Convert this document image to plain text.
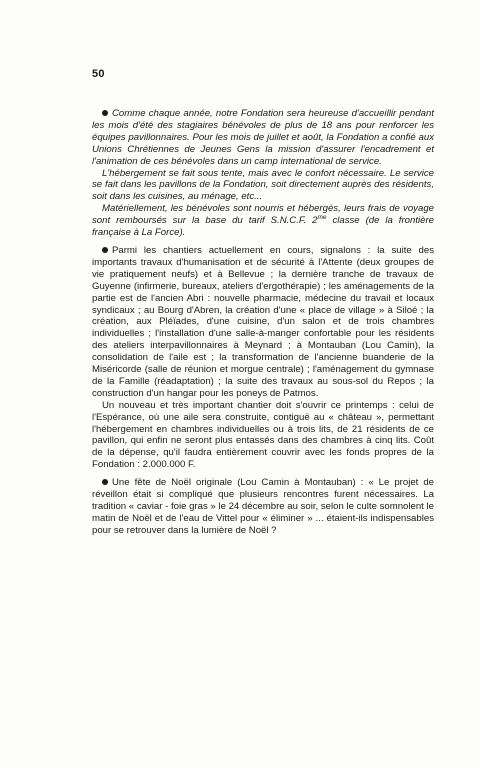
50

Comme chaque année, notre Fondation sera heureuse d'accueillir pendant les mois d'été des stagiaires bénévoles de plus de 18 ans pour renforcer les équipes pavillonnaires. Pour les mois de juillet et août, la Fondation a confié aux Unions Chrétiennes de Jeunes Gens la mission d'assurer l'encadrement et l'animation de ces bénévoles dans un camp international de service.

L'hébergement se fait sous tente, mais avec le confort nécessaire. Le service se fait dans les pavillons de la Fondation, soit directement auprès des résidents, soit dans les cuisines, au ménage, etc...

Matériellement, les bénévoles sont nourris et hébergés, leurs frais de voyage sont remboursés sur la base du tarif S.N.C.F. $2^{me}$ classe (de la frontière française à La Force).

Parmi les chantiers actuellement en cours, signalons : la suite des importants travaux d'humanisation et de sécurité à l'Attente (deux groupes de vie pratiquement neufs) et à Bellevue ; la dernière tranche de travaux de Guyenne (infirmerie, bureaux, ateliers d'ergothérapie) ; les aménagements de la partie est de l'ancien Abri : nouvelle pharmacie, médecine du travail et locaux syndicaux ; au Bourg d'Abren, la création d'une « place de village » à Siloé ; la création, aux Pléïades, d'une cuisine, d'un salon et de trois chambres individuelles ; l'installation d'une salle-à-manger confortable pour les résidents des ateliers interpavillonnaires à Meynard ; à Montauban (Lou Camin), la consolidation de l'aile est ; la transformation de l'ancienne buanderie de la Miséricorde (salle de réunion et morgue centrale) ; l'aménagement du gymnase de la Famille (réadaptation) ; la suite des travaux au sous-sol du Repos ; la construction d'un hangar pour les poneys de Patmos.

Un nouveau et très important chantier doit s'ouvrir ce printemps : celui de l'Espérance, où une aile sera construite, contiguë au « château », permettant l'hébergement en chambres individuelles ou à trois lits, de 21 résidents de ce pavillon, qui enfin ne seront plus entassés dans des chambres à cinq lits. Coût de la dépense, qu'il faudra entièrement couvrir avec les fonds propres de la Fondation : 2.000.000 F.

Une fête de Noël originale (Lou Camin à Montauban) : « Le projet de réveillon était si compliqué que plusieurs rencontres furent nécessaires. La tradition « caviar - foie gras » le 24 décembre au soir, selon le culte somnolent le matin de Noël et de l'eau de Vittel pour « éliminer » ... étaient-ils indispensables pour se retrouver dans la lumière de Noël ?
